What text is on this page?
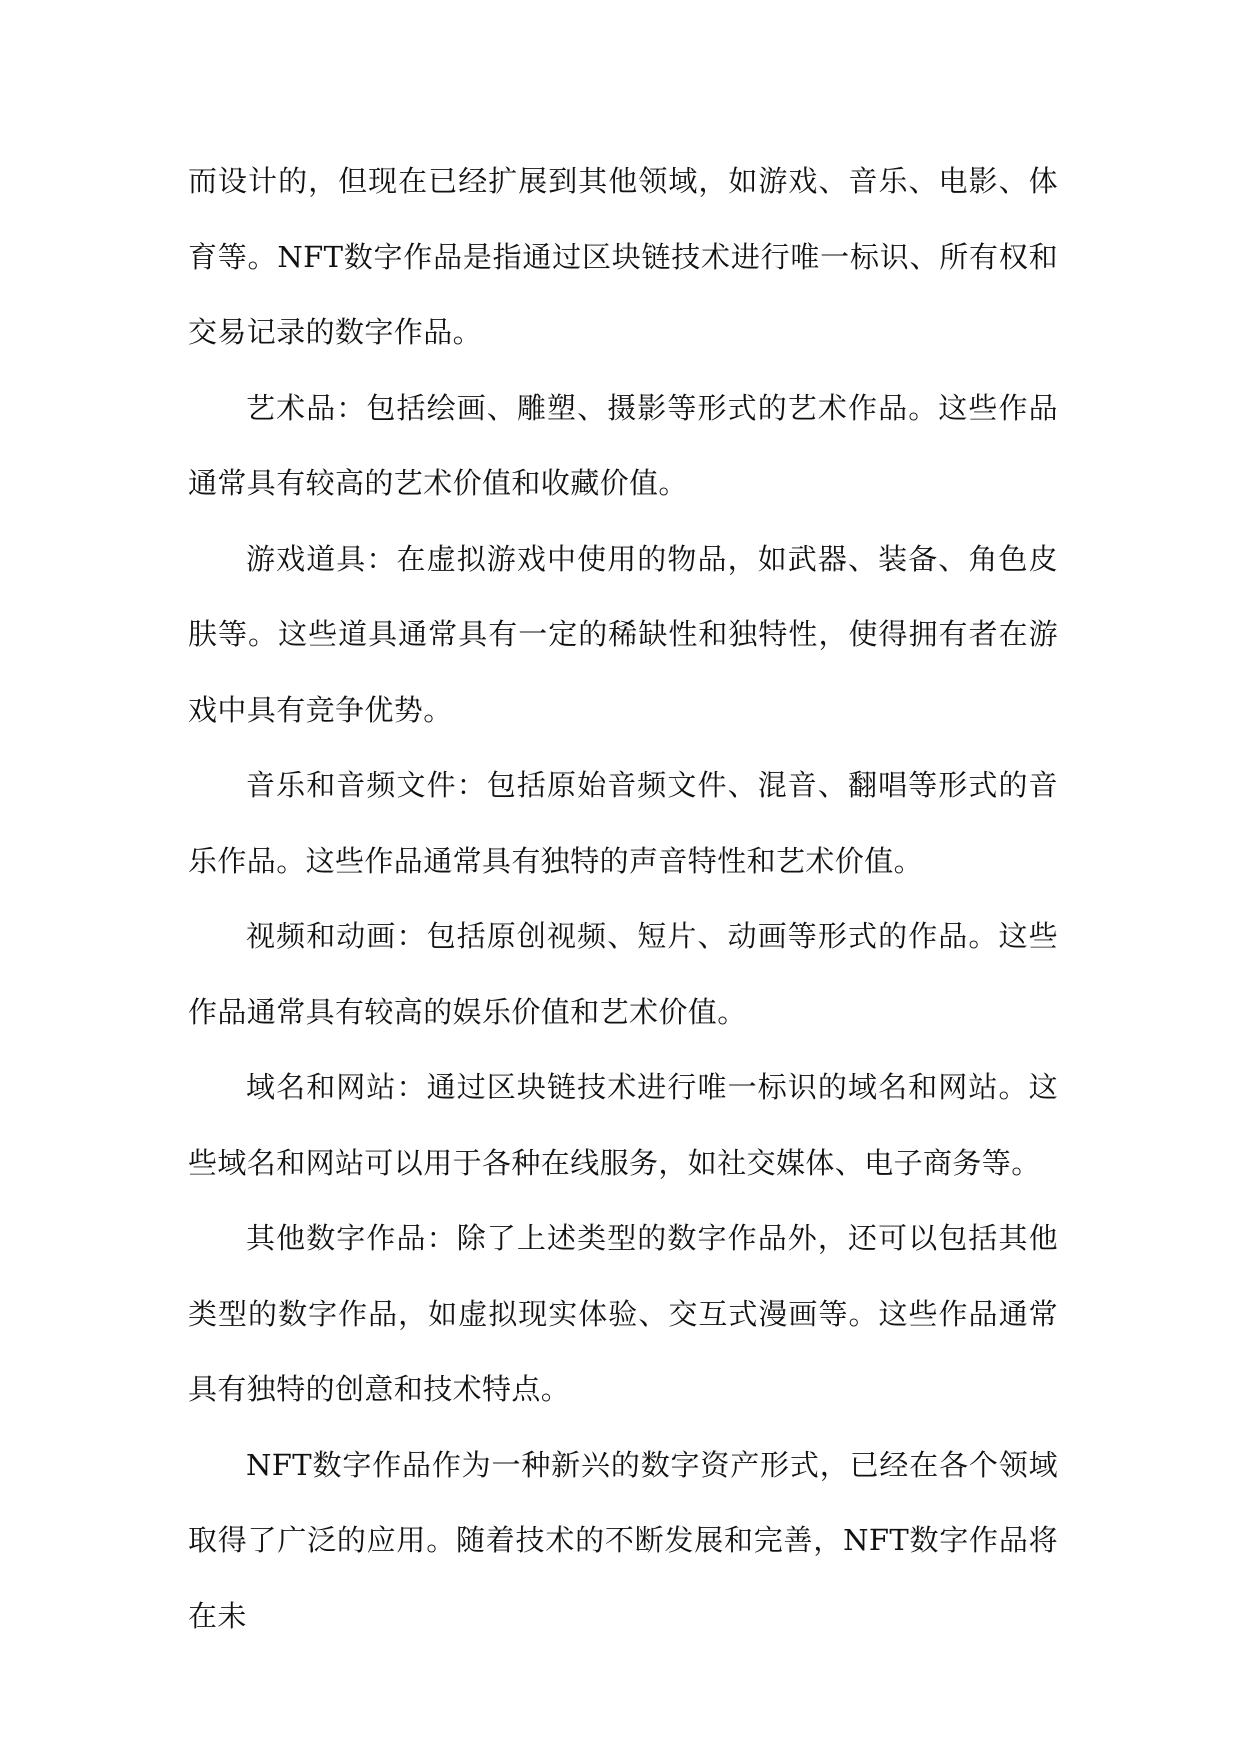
而设计的，但现在已经扩展到其他领域，如游戏、音乐、电影、体育等。NFT数字作品是指通过区块链技术进行唯一标识、所有权和交易记录的数字作品。

艺术品：包括绘画、雕塑、摄影等形式的艺术作品。这些作品通常具有较高的艺术价值和收藏价值。

游戏道具：在虚拟游戏中使用的物品，如武器、装备、角色皮肤等。这些道具通常具有一定的稀缺性和独特性，使得拥有者在游戏中具有竞争优势。

音乐和音频文件：包括原始音频文件、混音、翻唱等形式的音乐作品。这些作品通常具有独特的声音特性和艺术价值。

视频和动画：包括原创视频、短片、动画等形式的作品。这些作品通常具有较高的娱乐价值和艺术价值。

域名和网站：通过区块链技术进行唯一标识的域名和网站。这些域名和网站可以用于各种在线服务，如社交媒体、电子商务等。

其他数字作品：除了上述类型的数字作品外，还可以包括其他类型的数字作品，如虚拟现实体验、交互式漫画等。这些作品通常具有独特的创意和技术特点。

NFT数字作品作为一种新兴的数字资产形式，已经在各个领域取得了广泛的应用。随着技术的不断发展和完善，NFT数字作品将在未
